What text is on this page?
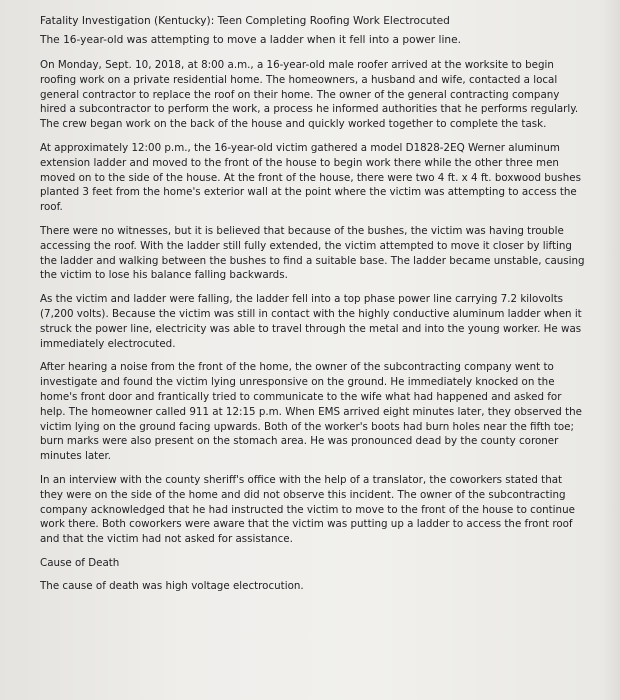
Fatality Investigation (Kentucky): Teen Completing Roofing Work Electrocuted
The 16-year-old was attempting to move a ladder when it fell into a power line.

On Monday, Sept. 10, 2018, at 8:00 a.m., a 16-year-old male roofer arrived at the worksite to begin roofing work on a private residential home. The homeowners, a husband and wife, contacted a local general contractor to replace the roof on their home. The owner of the general contracting company hired a subcontractor to perform the work, a process he informed authorities that he performs regularly. The crew began work on the back of the house and quickly worked together to complete the task.

At approximately 12:00 p.m., the 16-year-old victim gathered a model D1828-2EQ Werner aluminum extension ladder and moved to the front of the house to begin work there while the other three men moved on to the side of the house. At the front of the house, there were two 4 ft. x 4 ft. boxwood bushes planted 3 feet from the home's exterior wall at the point where the victim was attempting to access the roof.

There were no witnesses, but it is believed that because of the bushes, the victim was having trouble accessing the roof. With the ladder still fully extended, the victim attempted to move it closer by lifting the ladder and walking between the bushes to find a suitable base. The ladder became unstable, causing the victim to lose his balance falling backwards.

As the victim and ladder were falling, the ladder fell into a top phase power line carrying 7.2 kilovolts (7,200 volts). Because the victim was still in contact with the highly conductive aluminum ladder when it struck the power line, electricity was able to travel through the metal and into the young worker. He was immediately electrocuted.

After hearing a noise from the front of the home, the owner of the subcontracting company went to investigate and found the victim lying unresponsive on the ground. He immediately knocked on the home's front door and frantically tried to communicate to the wife what had happened and asked for help. The homeowner called 911 at 12:15 p.m. When EMS arrived eight minutes later, they observed the victim lying on the ground facing upwards. Both of the worker's boots had burn holes near the fifth toe; burn marks were also present on the stomach area. He was pronounced dead by the county coroner minutes later.

In an interview with the county sheriff's office with the help of a translator, the coworkers stated that they were on the side of the home and did not observe this incident. The owner of the subcontracting company acknowledged that he had instructed the victim to move to the front of the house to continue work there. Both coworkers were aware that the victim was putting up a ladder to access the front roof and that the victim had not asked for assistance.

Cause of Death
The cause of death was high voltage electrocution.
